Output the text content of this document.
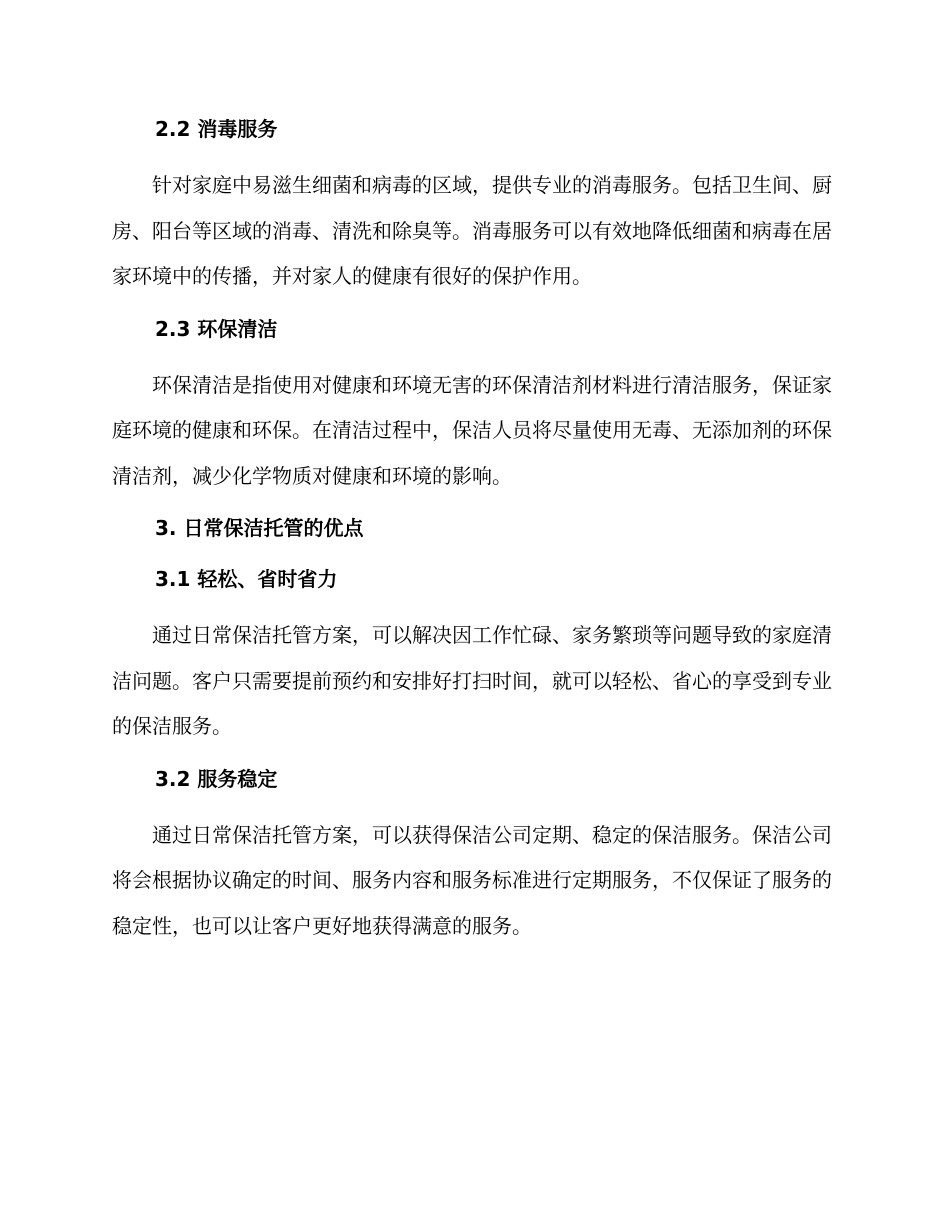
2.2 消毒服务

针对家庭中易滋生细菌和病毒的区域，提供专业的消毒服务。包括卫生间、厨房、阳台等区域的消毒、清洗和除臭等。消毒服务可以有效地降低细菌和病毒在居家环境中的传播，并对家人的健康有很好的保护作用。

2.3 环保清洁

环保清洁是指使用对健康和环境无害的环保清洁剂材料进行清洁服务，保证家庭环境的健康和环保。在清洁过程中，保洁人员将尽量使用无毒、无添加剂的环保清洁剂，减少化学物质对健康和环境的影响。

3. 日常保洁托管的优点
3.1 轻松、省时省力

通过日常保洁托管方案，可以解决因工作忙碌、家务繁琐等问题导致的家庭清洁问题。客户只需要提前预约和安排好打扫时间，就可以轻松、省心的享受到专业的保洁服务。

3.2 服务稳定

通过日常保洁托管方案，可以获得保洁公司定期、稳定的保洁服务。保洁公司将会根据协议确定的时间、服务内容和服务标准进行定期服务，不仅保证了服务的稳定性，也可以让客户更好地获得满意的服务。
